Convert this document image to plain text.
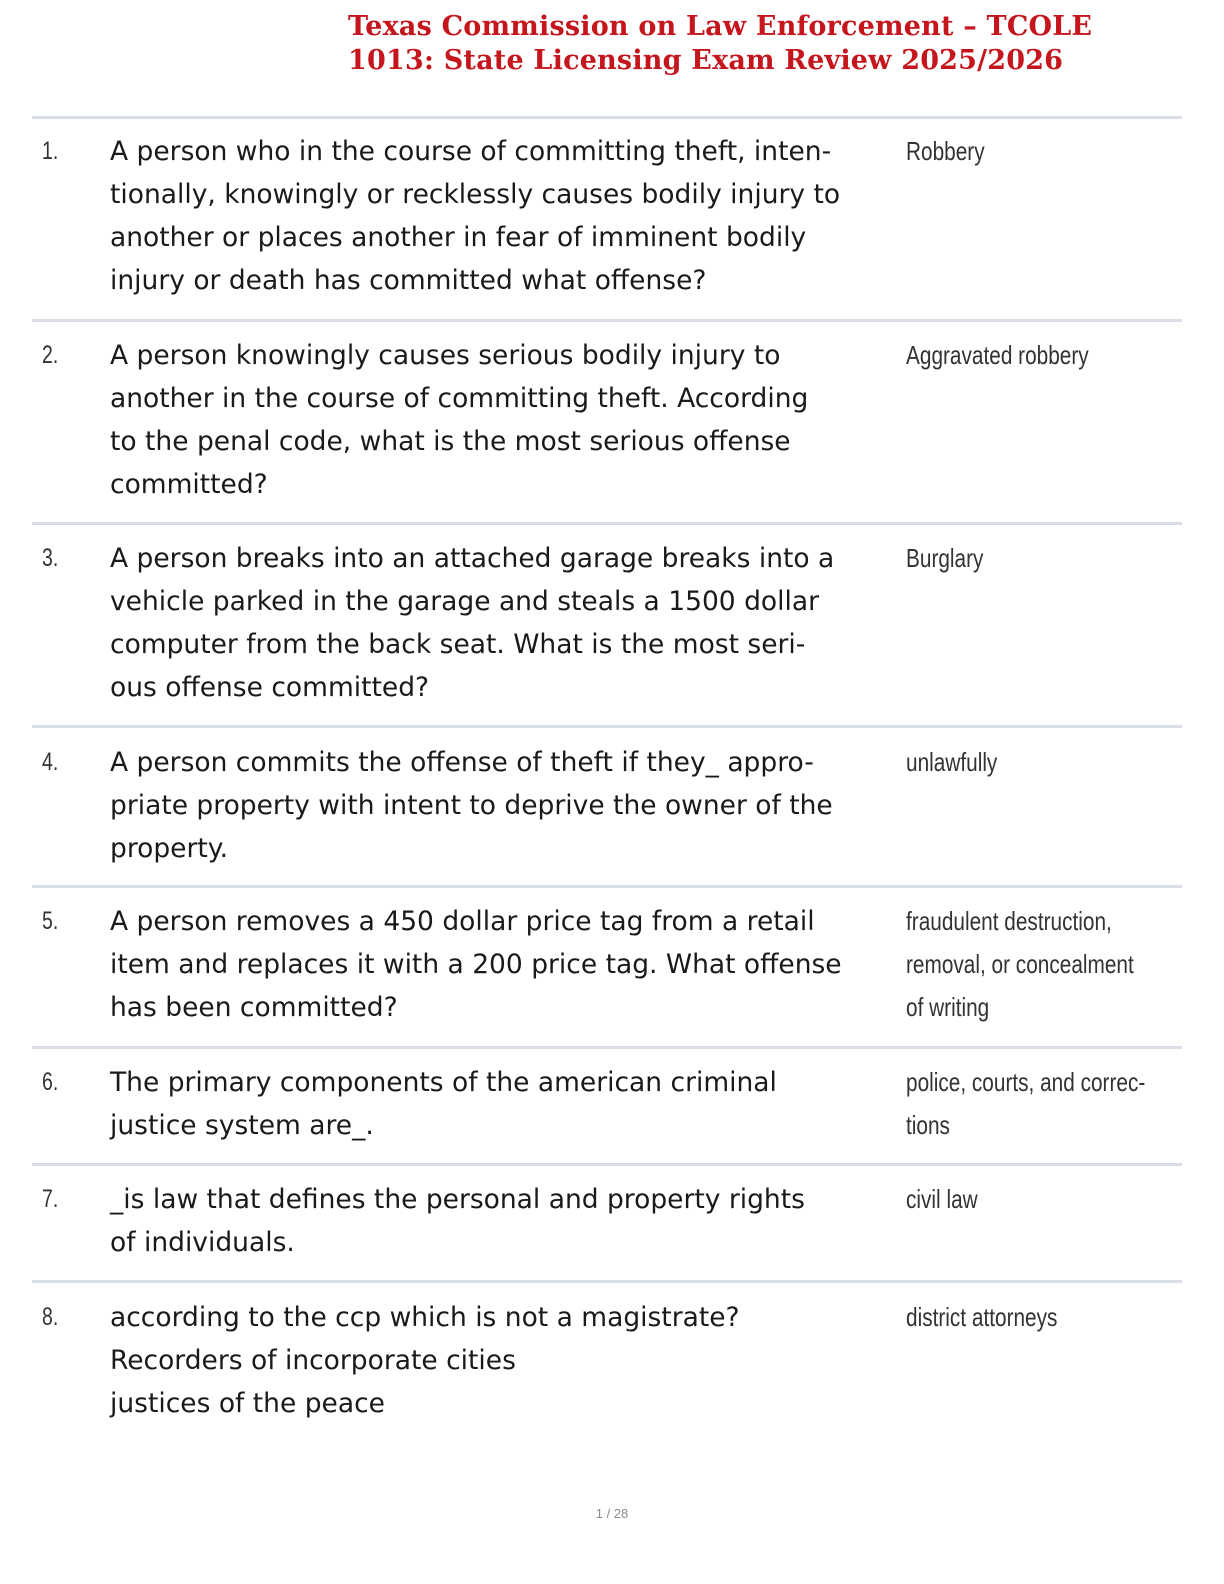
Texas Commission on Law Enforcement – TCOLE
1013: State Licensing Exam Review 2025/2026
1. A person who in the course of committing theft, inten-
tionally, knowingly or recklessly causes bodily injury to
another or places another in fear of imminent bodily
injury or death has committed what offense?
Robbery
2. A person knowingly causes serious bodily injury to
another in the course of committing theft. According
to the penal code, what is the most serious offense
committed?
Aggravated robbery
3. A person breaks into an attached garage breaks into a
vehicle parked in the garage and steals a 1500 dollar
computer from the back seat. What is the most seri-
ous offense committed?
Burglary
4. A person commits the offense of theft if they_ appro-
priate property with intent to deprive the owner of the
property.
unlawfully
5. A person removes a 450 dollar price tag from a retail
item and replaces it with a 200 price tag. What offense
has been committed?
fraudulent destruction,
removal, or concealment
of writing
6. The primary components of the american criminal
justice system are_.
police, courts, and correc-
tions
7. _is law that defines the personal and property rights
of individuals.
civil law
8. according to the ccp which is not a magistrate?
Recorders of incorporate cities
justices of the peace
district attorneys
1 / 28
